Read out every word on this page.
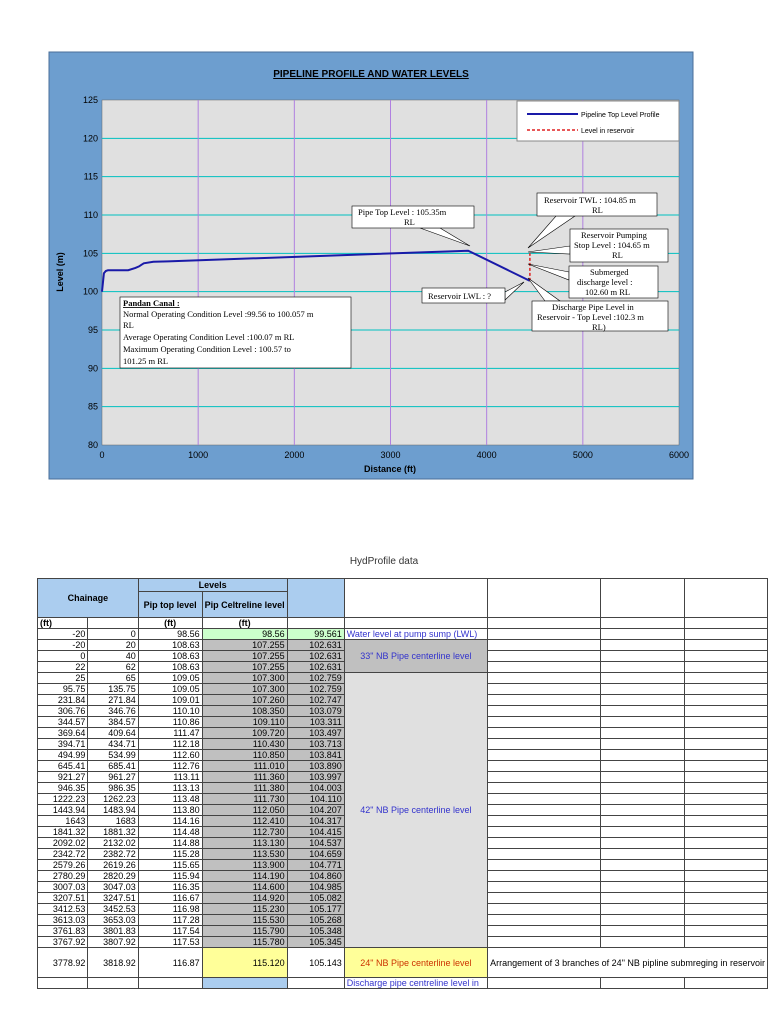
PIPELINE PROFILE AND WATER LEVELS
80
85
90
95
100
105
110
115
120
125
0	1000	2000	3000	4000	5000	6000
Distance (ft)
Level (m)
Pipeline Top Level Profile
Level in reservoir
Pipe Top Level : 105.35m RL
Reservoir TWL : 104.85 m RL
Reservoir Pumping Stop Level : 104.65 m RL
Submerged discharge level : 102.60 m RL
Discharge Pipe Level in Reservoir - Top Level :102.3 m RL)
Reservoir LWL : ?
Pandan Canal : Normal Operating Condition Level :99.56 to 100.057 m RL Average Operating Condition Level :100.07 m RL Maximum Operating Condition Level : 100.57 to 101.25 m RL
HydProfile data
Chainage		Levels						
		Pip top level	Pip Celtreline level					

(ft)		(ft)	(ft)					
-20	0	98.56	98.56	99.561	Water level at pump sump (LWL)			
-20	20	108.63	107.255	102.631	33" NB Pipe centerline level			
0	40	108.63	107.255	102.631				
22	62	108.63	107.255	102.631				
25	65	109.05	107.300	102.759	42" NB Pipe centerline level			
95.75	135.75	109.05	107.300	102.759				
231.84	271.84	109.01	107.260	102.747				
306.76	346.76	110.10	108.350	103.079				
344.57	384.57	110.86	109.110	103.311				
369.64	409.64	111.47	109.720	103.497				
394.71	434.71	112.18	110.430	103.713				
494.99	534.99	112.60	110.850	103.841				
645.41	685.41	112.76	111.010	103.890				
921.27	961.27	113.11	111.360	103.997				
946.35	986.35	113.13	111.380	104.003				
1222.23	1262.23	113.48	111.730	104.110				
1443.94	1483.94	113.80	112.050	104.207				
1643	1683	114.16	112.410	104.317				
1841.32	1881.32	114.48	112.730	104.415				
2092.02	2132.02	114.88	113.130	104.537				
2342.72	2382.72	115.28	113.530	104.659				
2579.26	2619.26	115.65	113.900	104.771				
2780.29	2820.29	115.94	114.190	104.860				
3007.03	3047.03	116.35	114.600	104.985				
3207.51	3247.51	116.67	114.920	105.082				
3412.53	3452.53	116.98	115.230	105.177				
3613.03	3653.03	117.28	115.530	105.268				
3761.83	3801.83	117.54	115.790	105.348				
3767.92	3807.92	117.53	115.780	105.345				
3778.92	3818.92	116.87	115.120	105.143	24" NB Pipe centerline level	Arrangement of 3 branches of 24" NB pipline submreging in reservoir		
					Discharge pipe centreline level in			
